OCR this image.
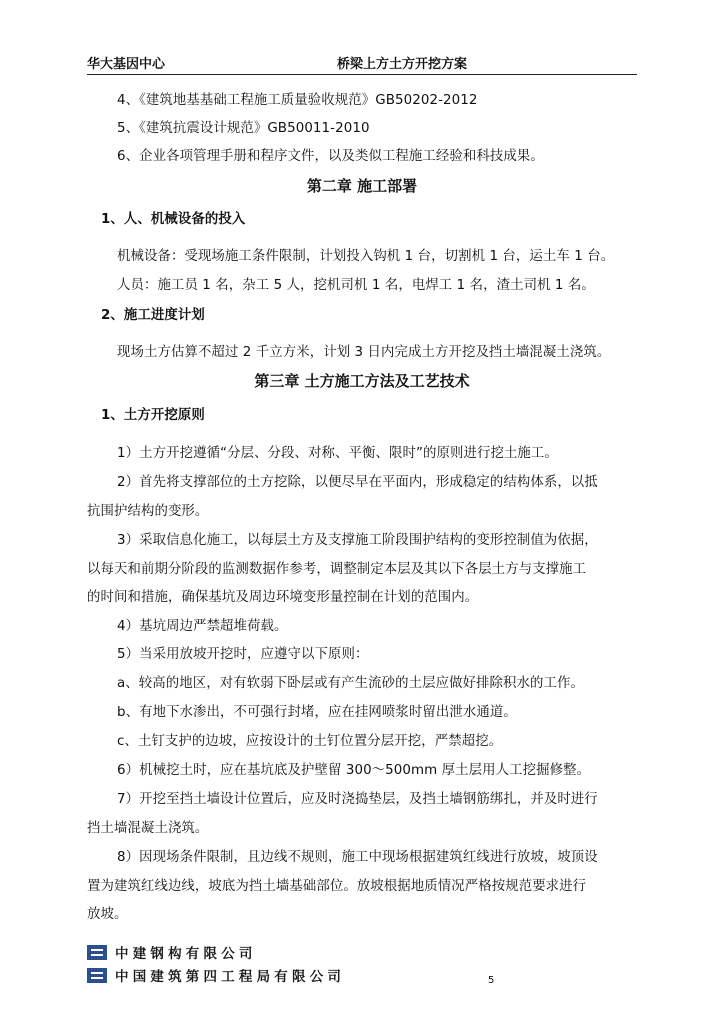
华大基因中心	桥梁上方土方开挖方案
4、《建筑地基基础工程施工质量验收规范》GB50202-2012
5、《建筑抗震设计规范》GB50011-2010
6、企业各项管理手册和程序文件，以及类似工程施工经验和科技成果。
第二章 施工部署
1、人、机械设备的投入
机械设备：受现场施工条件限制，计划投入钩机 1 台，切割机 1 台，运土车 1 台。
人员：施工员 1 名，杂工 5 人，挖机司机 1 名，电焊工 1 名，渣土司机 1 名。
2、施工进度计划
现场土方估算不超过 2 千立方米，计划 3 日内完成土方开挖及挡土墙混凝土浇筑。
第三章 土方施工方法及工艺技术
1、土方开挖原则
1）土方开挖遵循“分层、分段、对称、平衡、限时”的原则进行挖土施工。
2）首先将支撑部位的土方挖除，以便尽早在平面内，形成稳定的结构体系，以抵
抗围护结构的变形。
3）采取信息化施工，以每层土方及支撑施工阶段围护结构的变形控制值为依据，
以每天和前期分阶段的监测数据作参考，调整制定本层及其以下各层土方与支撑施工
的时间和措施，确保基坑及周边环境变形量控制在计划的范围内。
4）基坑周边严禁超堆荷载。
5）当采用放坡开挖时，应遵守以下原则：
a、较高的地区，对有软弱下卧层或有产生流砂的土层应做好排除积水的工作。
b、有地下水渗出，不可强行封堵，应在挂网喷浆时留出泄水通道。
c、土钉支护的边坡，应按设计的土钉位置分层开挖，严禁超挖。
6）机械挖土时，应在基坑底及护壁留 300～500mm 厚土层用人工挖掘修整。
7）开挖至挡土墙设计位置后，应及时浇捣垫层，及挡土墙钢筋绑扎，并及时进行
挡土墙混凝土浇筑。
8）因现场条件限制，且边线不规则，施工中现场根据建筑红线进行放坡，坡顶设
置为建筑红线边线，坡底为挡土墙基础部位。放坡根据地质情况严格按规范要求进行
放坡。
中建钢构有限公司
中国建筑第四工程局有限公司	5
